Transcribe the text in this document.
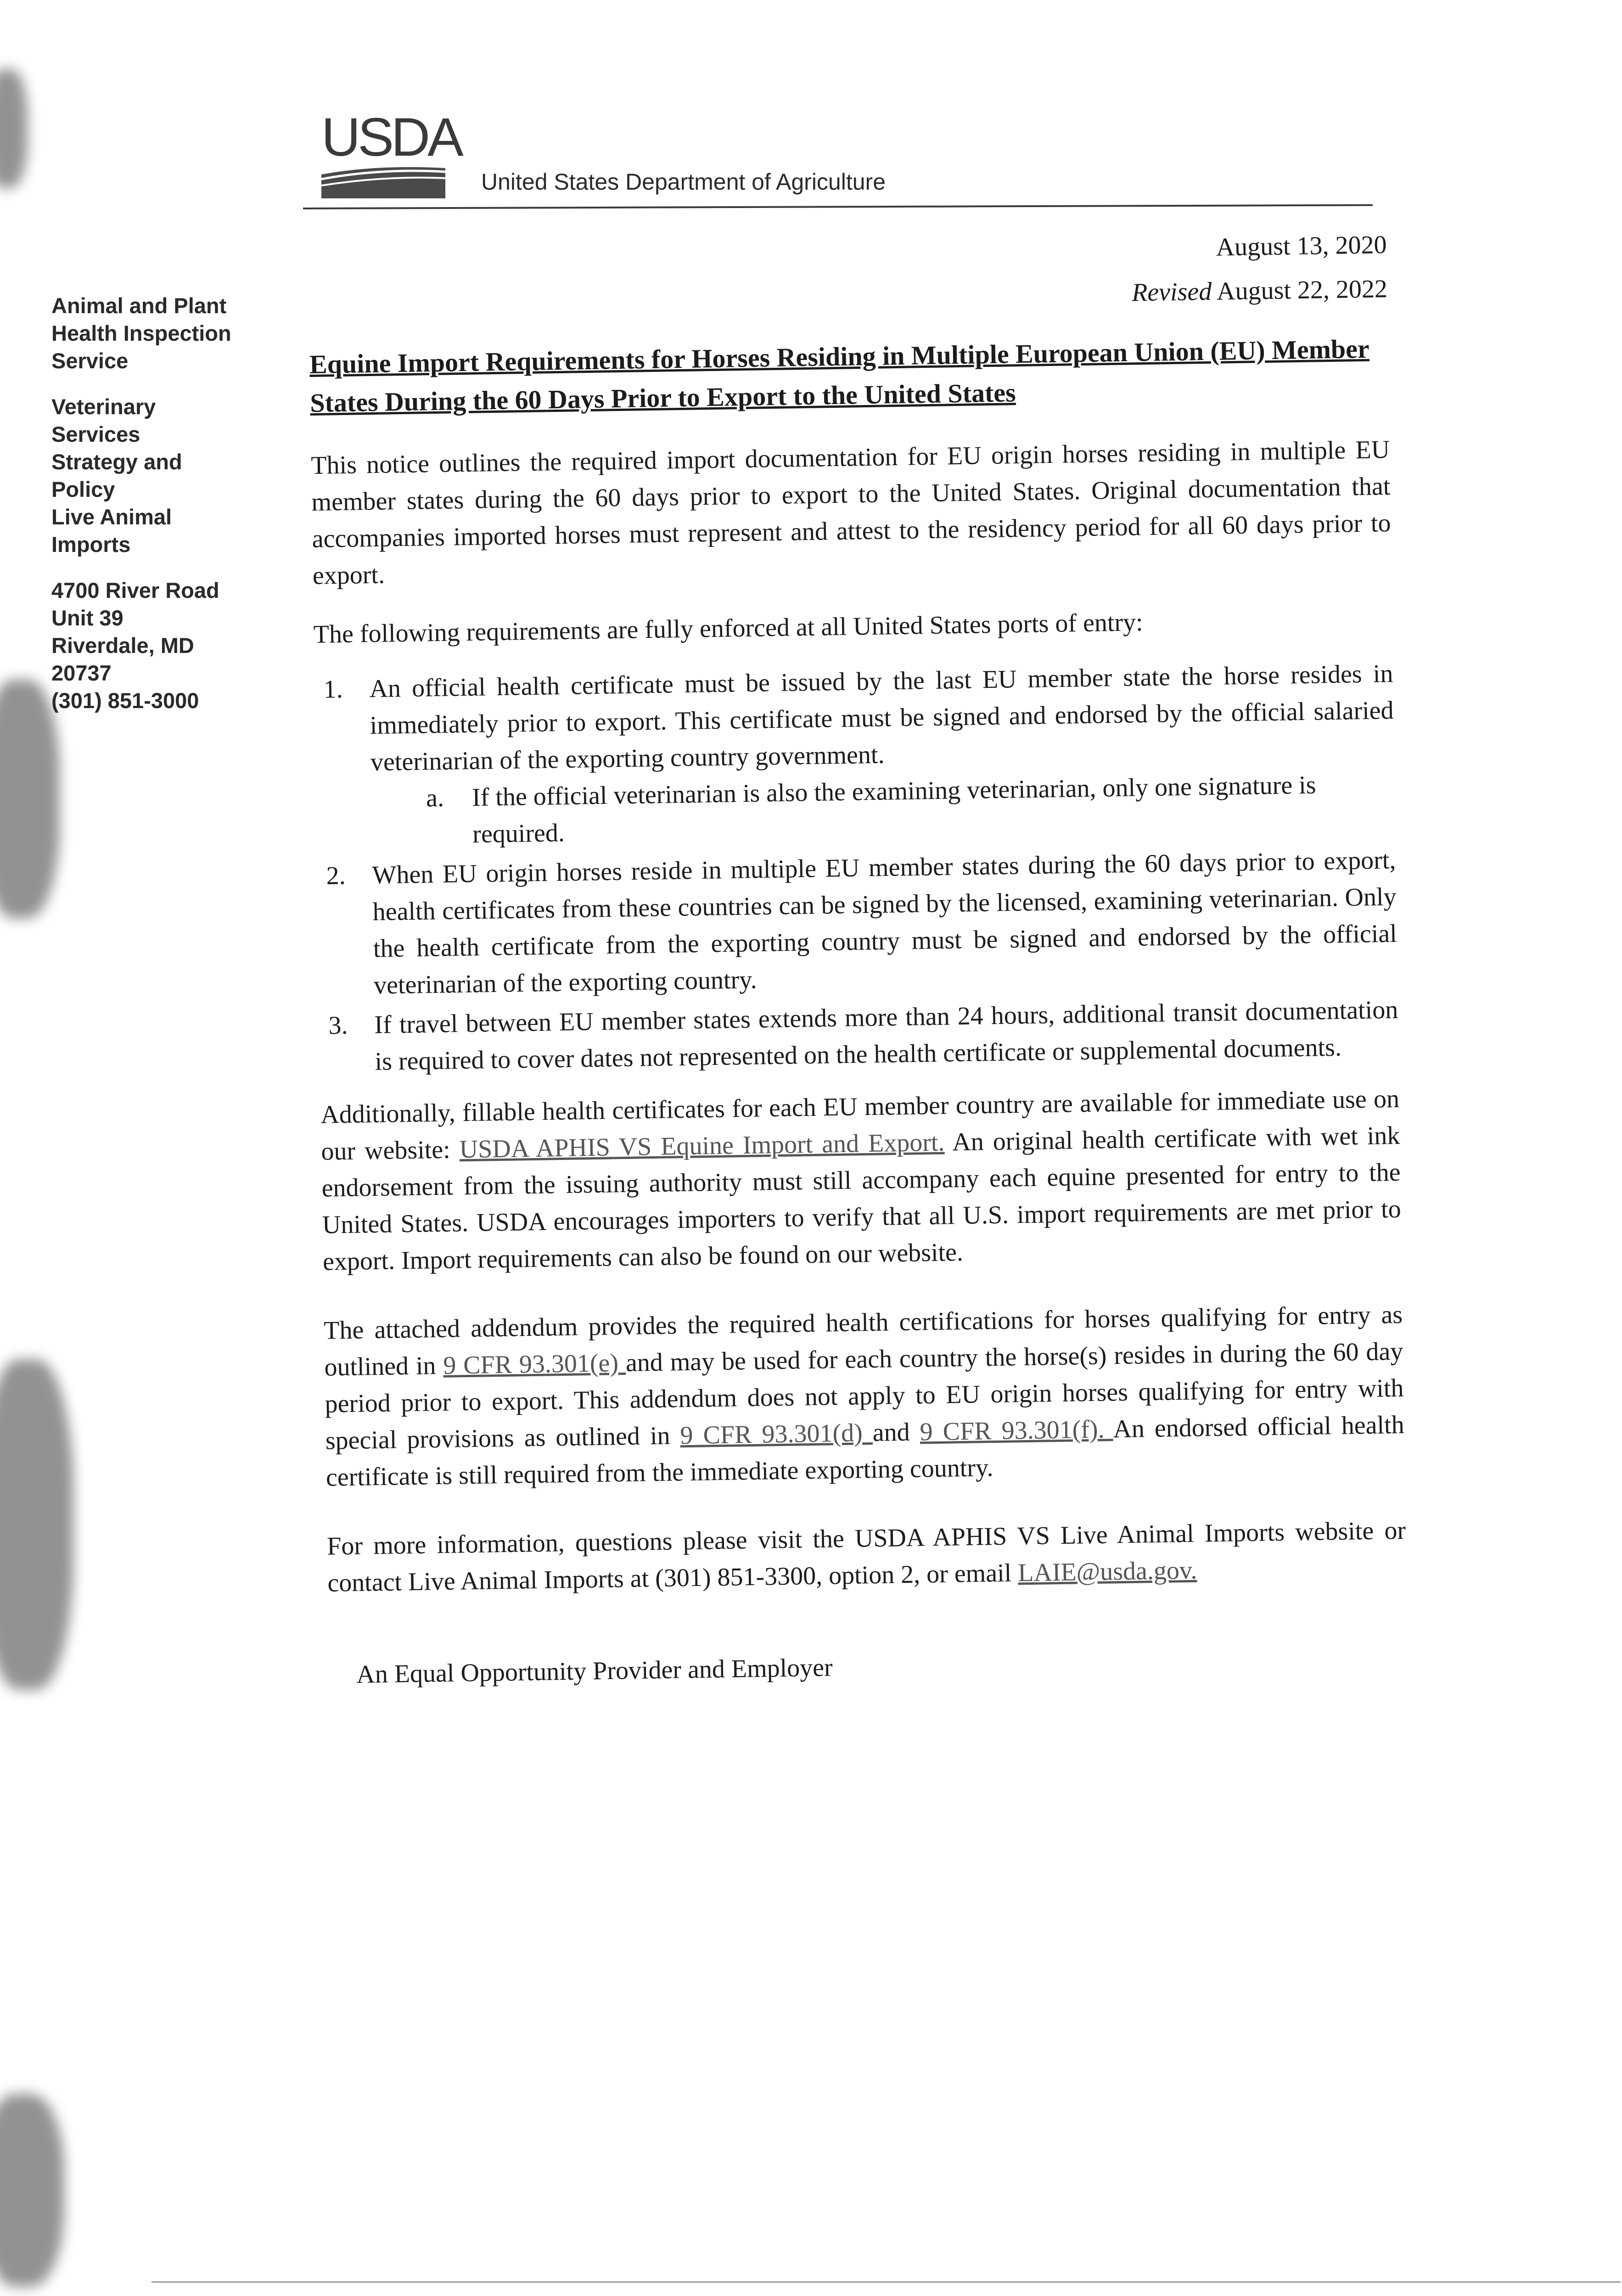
USDA
United States Department of Agriculture
Animal and Plant
Health Inspection
Service
Veterinary
Services
Strategy and
Policy
Live Animal
Imports
4700 River Road
Unit 39
Riverdale, MD
20737
(301) 851-3000
August 13, 2020
Revised August 22, 2022
Equine Import Requirements for Horses Residing in Multiple European Union (EU) Member States During the 60 Days Prior to Export to the United States

This notice outlines the required import documentation for EU origin horses residing in multiple EU member states during the 60 days prior to export to the United States. Original documentation that accompanies imported horses must represent and attest to the residency period for all 60 days prior to export.

The following requirements are fully enforced at all United States ports of entry:

1. An official health certificate must be issued by the last EU member state the horse resides in immediately prior to export. This certificate must be signed and endorsed by the official salaried veterinarian of the exporting country government.
a. If the official veterinarian is also the examining veterinarian, only one signature is required.
2. When EU origin horses reside in multiple EU member states during the 60 days prior to export, health certificates from these countries can be signed by the licensed, examining veterinarian. Only the health certificate from the exporting country must be signed and endorsed by the official veterinarian of the exporting country.
3. If travel between EU member states extends more than 24 hours, additional transit documentation is required to cover dates not represented on the health certificate or supplemental documents.

Additionally, fillable health certificates for each EU member country are available for immediate use on our website: USDA APHIS VS Equine Import and Export. An original health certificate with wet ink endorsement from the issuing authority must still accompany each equine presented for entry to the United States. USDA encourages importers to verify that all U.S. import requirements are met prior to export. Import requirements can also be found on our website.

The attached addendum provides the required health certifications for horses qualifying for entry as outlined in 9 CFR 93.301(e) and may be used for each country the horse(s) resides in during the 60 day period prior to export. This addendum does not apply to EU origin horses qualifying for entry with special provisions as outlined in 9 CFR 93.301(d) and 9 CFR 93.301(f). An endorsed official health certificate is still required from the immediate exporting country.

For more information, questions please visit the USDA APHIS VS Live Animal Imports website or contact Live Animal Imports at (301) 851-3300, option 2, or email LAIE@usda.gov.

An Equal Opportunity Provider and Employer
